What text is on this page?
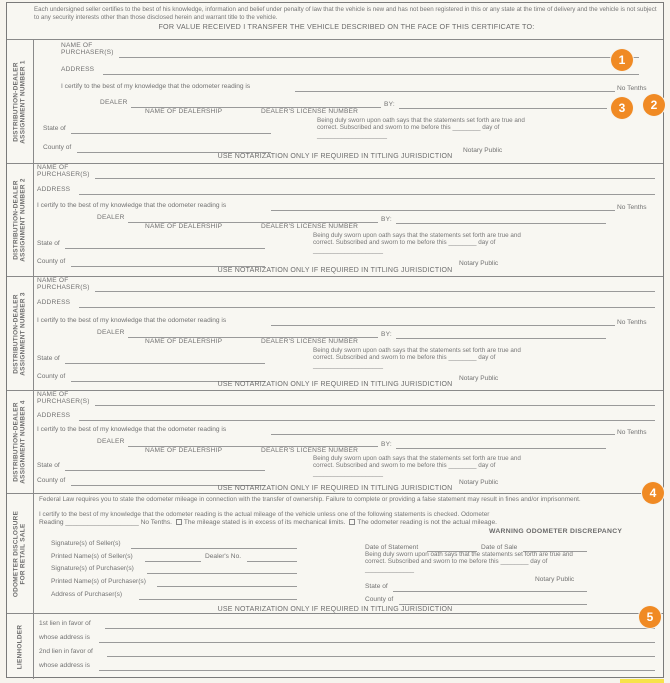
Each undersigned seller certifies to the best of his knowledge, information and belief under penalty of law that the vehicle is new and has not been registered in this or any state at the time of delivery and the vehicle is not subject to any security interests other than those disclosed herein and warrant title to the vehicle.
FOR VALUE RECEIVED I TRANSFER THE VEHICLE DESCRIBED ON THE FACE OF THIS CERTIFICATE TO:
DISTRIBUTION-DEALER
ASSIGNMENT NUMBER 1
NAME OF
PURCHASER(S)
ADDRESS
I certify to the best of my knowledge that the odometer reading is	No Tenths
DEALER	BY:
NAME OF DEALERSHIP	DEALER'S LICENSE NUMBER
Being duly sworn upon oath says that the statements set forth are true and correct. Subscribed and sworn to me before this ________ day of ____________________
Notary Public
State of
County of
USE NOTARIZATION ONLY IF REQUIRED IN TITLING JURISDICTION
DISTRIBUTION-DEALER
ASSIGNMENT NUMBER 2
NAME OF
PURCHASER(S)
ADDRESS
I certify to the best of my knowledge that the odometer reading is	No Tenths
DEALER	BY:
NAME OF DEALERSHIP	DEALER'S LICENSE NUMBER
Being duly sworn upon oath says that the statements set forth are true and correct. Subscribed and sworn to me before this ________ day of ____________________
Notary Public
State of
County of
USE NOTARIZATION ONLY IF REQUIRED IN TITLING JURISDICTION
DISTRIBUTION-DEALER
ASSIGNMENT NUMBER 3
NAME OF
PURCHASER(S)
ADDRESS
I certify to the best of my knowledge that the odometer reading is	No Tenths
DEALER	BY:
NAME OF DEALERSHIP	DEALER'S LICENSE NUMBER
Being duly sworn upon oath says that the statements set forth are true and correct. Subscribed and sworn to me before this ________ day of ____________________
Notary Public
State of
County of
USE NOTARIZATION ONLY IF REQUIRED IN TITLING JURISDICTION
DISTRIBUTION-DEALER
ASSIGNMENT NUMBER 4
NAME OF
PURCHASER(S)
ADDRESS
I certify to the best of my knowledge that the odometer reading is	No Tenths
DEALER	BY:
NAME OF DEALERSHIP	DEALER'S LICENSE NUMBER
Being duly sworn upon oath says that the statements set forth are true and correct. Subscribed and sworn to me before this ________ day of ____________________
Notary Public
State of
County of
USE NOTARIZATION ONLY IF REQUIRED IN TITLING JURISDICTION
ODOMETER DISCLOSURE
FOR RETAIL SALE
Federal Law requires you to state the odometer mileage in connection with the transfer of ownership. Failure to complete or providing a false statement may result in fines and/or imprisonment.
I certify to the best of my knowledge that the odometer reading is the actual mileage of the vehicle unless one of the following statements is checked. Odometer
Reading ____________________ No Tenths. The mileage stated is in excess of its mechanical limits. The odometer reading is not the actual mileage.
WARNING ODOMETER DISCREPANCY
Signature(s) of Seller(s)
Printed Name(s) of Seller(s)	Dealer's No.
Signature(s) of Purchaser(s)
Printed Name(s) of Purchaser(s)
Address of Purchaser(s)
Date of Statement	Date of Sale
Being duly sworn upon oath says that the statements set forth are true and correct. Subscribed and sworn to me before this ________ day of ______________
Notary Public
State of
County of
USE NOTARIZATION ONLY IF REQUIRED IN TITLING JURISDICTION
LIENHOLDER
1st lien in favor of
whose address is
2nd lien in favor of
whose address is
1
2
3
4
5
